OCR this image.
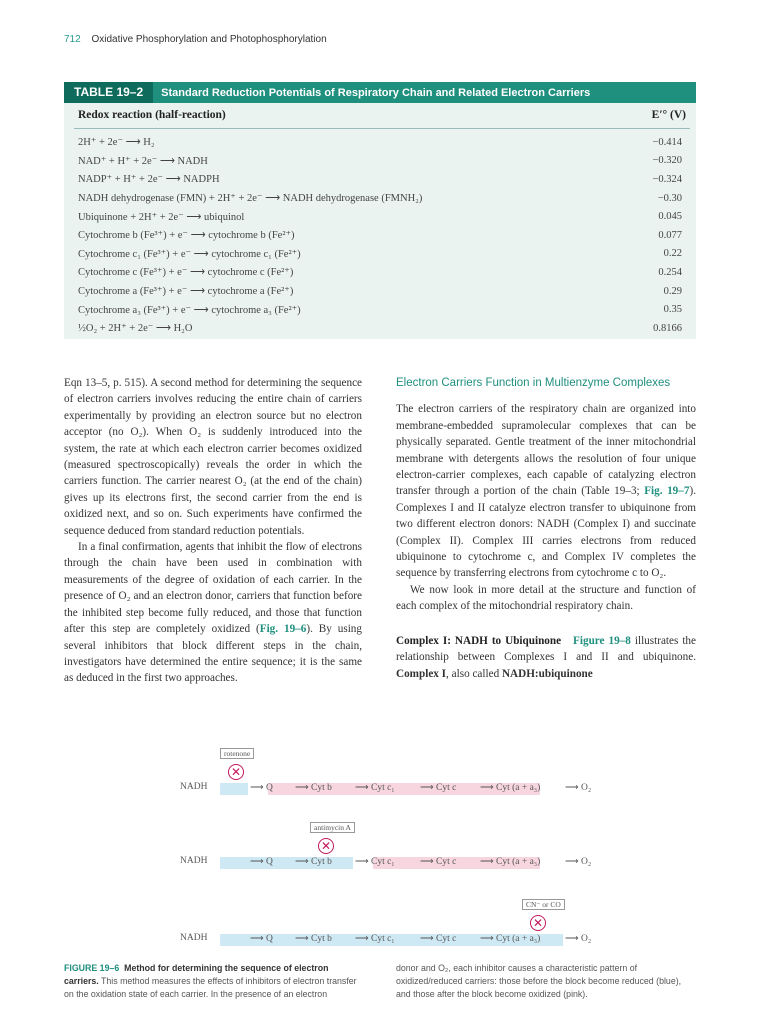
712 Oxidative Phosphorylation and Photophosphorylation
TABLE 19–2	Standard Reduction Potentials of Respiratory Chain and Related Electron Carriers
Redox reaction (half-reaction)	E′° (V)
2H⁺ + 2e⁻ ⟶ H₂	−0.414
NAD⁺ + H⁺ + 2e⁻ ⟶ NADH	−0.320
NADP⁺ + H⁺ + 2e⁻ ⟶ NADPH	−0.324
NADH dehydrogenase (FMN) + 2H⁺ + 2e⁻ ⟶ NADH dehydrogenase (FMNH₂)	−0.30
Ubiquinone + 2H⁺ + 2e⁻ ⟶ ubiquinol	0.045
Cytochrome b (Fe³⁺) + e⁻ ⟶ cytochrome b (Fe²⁺)	0.077
Cytochrome c₁ (Fe³⁺) + e⁻ ⟶ cytochrome c₁ (Fe²⁺)	0.22
Cytochrome c (Fe³⁺) + e⁻ ⟶ cytochrome c (Fe²⁺)	0.254
Cytochrome a (Fe³⁺) + e⁻ ⟶ cytochrome a (Fe²⁺)	0.29
Cytochrome a₃ (Fe³⁺) + e⁻ ⟶ cytochrome a₃ (Fe²⁺)	0.35
½O₂ + 2H⁺ + 2e⁻ ⟶ H₂O	0.8166

Eqn 13–5, p. 515). A second method for determining the sequence of electron carriers involves reducing the entire chain of carriers experimentally by providing an electron source but no electron acceptor (no O₂). When O₂ is suddenly introduced into the system, the rate at which each electron carrier becomes oxidized (measured spectroscopically) reveals the order in which the carriers function. The carrier nearest O₂ (at the end of the chain) gives up its electrons first, the second carrier from the end is oxidized next, and so on. Such experiments have confirmed the sequence deduced from standard reduction potentials.

In a final confirmation, agents that inhibit the flow of electrons through the chain have been used in combination with measurements of the degree of oxidation of each carrier. In the presence of O₂ and an electron donor, carriers that function before the inhibited step become fully reduced, and those that function after this step are completely oxidized (Fig. 19–6). By using several inhibitors that block different steps in the chain, investigators have determined the entire sequence; it is the same as deduced in the first two approaches.

Electron Carriers Function in Multienzyme Complexes

The electron carriers of the respiratory chain are organized into membrane-embedded supramolecular complexes that can be physically separated. Gentle treatment of the inner mitochondrial membrane with detergents allows the resolution of four unique electron-carrier complexes, each capable of catalyzing electron transfer through a portion of the chain (Table 19–3; Fig. 19–7). Complexes I and II catalyze electron transfer to ubiquinone from two different electron donors: NADH (Complex I) and succinate (Complex II). Complex III carries electrons from reduced ubiquinone to cytochrome c, and Complex IV completes the sequence by transferring electrons from cytochrome c to O₂.

We now look in more detail at the structure and function of each complex of the mitochondrial respiratory chain.

Complex I: NADH to Ubiquinone Figure 19–8 illustrates the relationship between Complexes I and II and ubiquinone. Complex I, also called NADH:ubiquinone

NADH	⟶ Q ⟶ Cyt b ⟶ Cyt c₁	⟶ Cyt c ⟶ Cyt (a + a₃)	⟶ O₂
rotenone
✕
NADH	⟶ Q ⟶ Cyt b ⟶ Cyt c₁	⟶ Cyt c ⟶ Cyt (a + a₃)	⟶ O₂
antimycin A
✕
NADH	⟶ Q ⟶ Cyt b ⟶ Cyt c₁	⟶ Cyt c ⟶ Cyt (a + a₃)	⟶ O₂
CN⁻ or CO
✕
FIGURE 19–6 Method for determining the sequence of electron carriers. This method measures the effects of inhibitors of electron transfer on the oxidation state of each carrier. In the presence of an electron
donor and O₂, each inhibitor causes a characteristic pattern of oxidized/reduced carriers: those before the block become reduced (blue), and those after the block become oxidized (pink).
